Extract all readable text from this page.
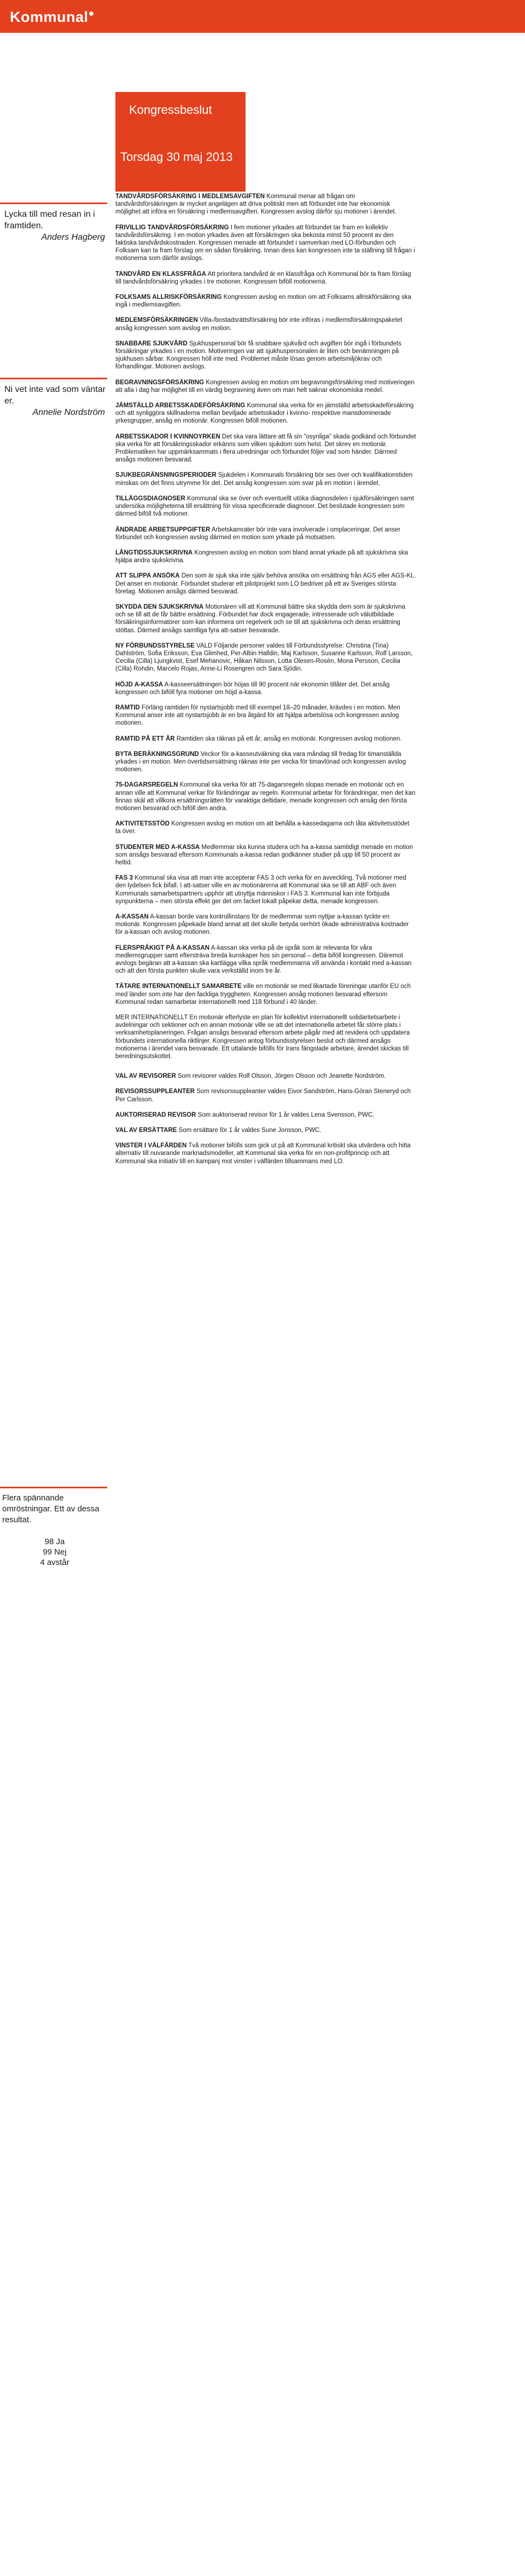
Kommunal●
Kongressbeslut
Torsdag 30 maj 2013
Lycka till med resan in i framtiden.
Anders Hagberg
Ni vet inte vad som väntar er.
Annelie Nordström
Flera spännande omröstningar. Ett av dessa resultat.
98 Ja
99 Nej
4 avstår
TANDVÅRDSFÖRSÄKRING I MEDLEMSAVGIFTEN Kommunal menar att frågan om tandvårdsförsäkringen är mycket angelägen att driva politiskt men att förbundet inte har ekonomisk möjlighet att införa en försäkring i medlemsavgiften. Kongressen avslog därför sju motioner i ärendet.
FRIVILLIG TANDVÅRDSFÖRSÄKRING I fem motioner yrkades att förbundet tar fram en kollektiv tandvårdsförsäkring. I en motion yrkades även att försäkringen ska bekosta minst 50 procent av den faktiska tandvårdskostnaden. Kongressen menade att förbundet i samverkan med LO-förbunden och Folksam kan ta fram förslag om en sådan försäkring. Innan dess kan kongressen inte ta ställning till frågan i motionerna som därför avslogs.
TANDVÅRD EN KLASSFRÅGA Att prioritera tandvård är en klassfråga och Kommunal bör ta fram förslag till tandvårdsförsäkring yrkades i tre motioner. Kongressen biföll motionerna.
FOLKSAMS ALLRISKFÖRSÄKRING Kongressen avslog en motion om att Folksams allriskförsäkring ska ingå i medlemsavgiften.
MEDLEMSFÖRSÄKRINGEN Villa-/bostadsrättsförsäkring bör inte införas i medlemsförsäkringspaketet ansåg kongressen som avslog en motion.
SNABBARE SJUKVÅRD Sjukhuspersonal bör få snabbare sjukvård och avgiften bör ingå i förbundets försäkringar yrkades i en motion. Motiveringen var att sjukhuspersonalen är liten och benämningen på sjukhusen sårbar. Kongressen höll inte med. Problemet måste lösas genom arbetsmiljökrav och förhandlingar. Motionen avslogs.
BEGRAVNINGSFÖRSÄKRING Kongressen avslog en motion om begravningsförsäkring med motiveringen att alla i dag har möjlighet till en värdig begravning även om man helt saknar ekonomiska medel.
JÄMSTÄLLD ARBETSSKADEFÖRSÄKRING Kommunal ska verka för en jämställd arbetsskadeförsäkring och att synliggöra skillnaderna mellan beviljade arbetsskador i kvinno- respektive mansdominerade yrkesgrupper, ansåg en motionär. Kongressen biföll motionen.
ARBETSSKADOR I KVINNOYRKEN Det ska vara lättare att få sin "osynliga" skada godkänd och förbundet ska verka för att försäkringsskador erkänns som vilken sjukdom som helst. Det skrev en motionär. Problematiken har uppmärksammats i flera utredningar och förbundet följer vad som händer. Därmed ansågs motionen besvarad.
SJUKBEGRÄNSNINGSPERIODER Sjukdelen i Kommunals försäkring bör ses över och kvalifikationstiden minskas om det finns utrymme för det. Det ansåg kongressen som svar på en motion i ärendet.
TILLÄGGSDIAGNOSER Kommunal ska se över och eventuellt utöka diagnosdelen i sjukförsäkringen samt undersöka möjligheterna till ersättning för vissa specificerade diagnoser. Det beslutade kongressen som därmed biföll två motioner.
ÄNDRADE ARBETSUPPGIFTER Arbetskamrater bör inte vara involverade i omplaceringar. Det anser förbundet och kongressen avslog därmed en motion som yrkade på motsatsen.
LÅNGTIDSSJUKSKRIVNA Kongressen avslog en motion som bland annat yrkade på att sjukskrivna ska hjälpa andra sjukskrivna.
ATT SLIPPA ANSÖKA Den som är sjuk ska inte själv behöva ansöka om ersättning från AGS eller AGS-KL. Det anser en motionär. Förbundet studerar ett pilotprojekt som LO bedriver på ett av Sveriges största företag. Motionen ansågs därmed besvarad.
SKYDDA DEN SJUKSKRIVNA Motionären vill att Kommunal bättre ska skydda dem som är sjukskrivna och se till att de får bättre ersättning. Förbundet har dock engagerade, intresserade och välutbildade försäkringsinformatörer som kan informera om regelverk och se till att sjukskrivna och deras ersättning stöttas. Därmed ansågs samtliga fyra att-satser besvarade.
NY FÖRBUNDSSTYRELSE VALD Följande personer valdes till Förbundsstyrelse: Christina (Tina) Dahlström, Sofia Eriksson, Eva Glimhed, Per-Albin Halldin, Maj Karlsson, Susanne Karlsson, Rolf Larsson, Cecilia (Cilla) Ljungkvist, Esef Mehanovic, Håkan Nilsson, Lotta Olesen-Rosén, Mona Persson, Cecilia (Cilla) Rohdin, Marcelo Rojas, Anne-Li Rosengren och Sara Sjödin.
HÖJD A-KASSA A-kasseersättningen bör höjas till 90 procent när ekonomin tillåter det. Det ansåg kongressen och biföll fyra motioner om höjd a-kassa.
RAMTID Förläng ramtiden för nystartsjobb med till exempel 18–20 månader, krävdes i en motion. Men Kommunal anser inte att nystartsjobb är en bra åtgärd för att hjälpa arbetslösa och kongressen avslog motionen.
RAMTID PÅ ETT ÅR Ramtiden ska räknas på ett år, ansåg en motionär. Kongressen avslog motionen.
BYTA BERÄKNINGSGRUND Veckor för a-kasseutväkning ska vara måndag till fredag för timanställda yrkades i en motion. Men övertidsersättning räknas inte per vecka för timavlönad och kongressen avslog motionen.
75-DAGARSREGELN Kommunal ska verka för att 75-dagarsregeln slopas menade en motionär och en annan ville att Kommunal verkar för förändringar av regeln. Kommunal arbetar för förändringar, men det kan finnas skäl att villkora ersättningsrätten för varaktiga deltidare, menade kongressen och ansåg den första motionen besvarad och biföll den andra.
AKTIVITETSSTÖD Kongressen avslog en motion om att behålla a-kassedagarna och låta aktivitetsstödet ta över.
STUDENTER MED A-KASSA Medlemmar ska kunna studera och ha a-kassa samtidigt menade en motion som ansågs besvarad eftersom Kommunals a-kassa redan godkänner studier på upp till 50 procent av heltid.
FAS 3 Kommunal ska visa att man inte accepterar FAS 3 och verka för en avveckling. Två motioner med den lydelsen fick bifall. I att-satser ville en av motionärerna att Kommunal ska se till att ABF och även Kommunals samarbetspartners upphör att utnyttja människor i FAS 3. Kommunal kan inte förbjuda synpunkterna – men största effekt ger det om facket lokalt påpekar detta, menade kongressen.
A-KASSAN A-kassan borde vara kontrollinstans för de medlemmar som nyttjar a-kassan tyckte en motionär. Kongressen påpekade bland annat att det skulle betyda oerhört ökade administrativa kostnader för a-kassan och avslog motionen.
FLERSPRÅKIGT PÅ A-KASSAN A-kassan ska verka på de språk som är relevanta för våra medlemsgrupper samt eftersträva breda kunskaper hos sin personal – detta biföll kongressen. Däremot avslogs begäran att a-kassan ska kartlägga vilka språk medlemmarna vill använda i kontakt med a-kassan och att den första punkten skulle vara verkställd inom tre år.
TÄTARE INTERNATIONELLT SAMARBETE ville en motionär se med likartade föreningar utanför EU och med länder som inte har den fackliga tryggheten. Kongressen ansåg motionen besvarad eftersom Kommunal redan samarbetar internationellt med 118 förbund i 40 länder.
MER INTERNATIONELLT En motionär efterlyste en plan för kollektivt internationellt solidaritetsarbete i avdelningar och sektioner och en annan motionär ville se att det internationella arbetet får större plats i verksamhetsplaneringen. Frågan ansågs besvarad eftersom arbete pågår med att revidera och uppdatera förbundets internationella riktlinjer. Kongressen antog förbundsstyrelsen beslut och därmed ansågs motionerna i ärendet vara besvarade. Ett uttalande bifölls för Irans fängslade arbetare, ärendet skickas till beredningsutskottet.
VAL AV REVISORER Som revisorer valdes Rolf Olsson, Jörgen Olsson och Jeanette Nordström.
REVISORSSUPPLEANTER Som revisorssuppleanter valdes Eivor Sandström, Hans-Göran Steneryd och Per Carlsson.
AUKTORISERAD REVISOR Som auktoriserad revisor för 1 år valdes Lena Svensson, PWC.
VAL AV ERSÄTTARE Som ersättare för 1 år valdes Sune Jonsson, PWC.
VINSTER I VÄLFÄRDEN Två motioner bifölls som gick ut på att Kommunal kritiskt ska utvärdera och hitta alternativ till nuvarande marknadsmodeller, att Kommunal ska verka för en non-profitprincip och att Kommunal ska initiativ till en kampanj mot vinster i välfärden tillsammans med LO.
